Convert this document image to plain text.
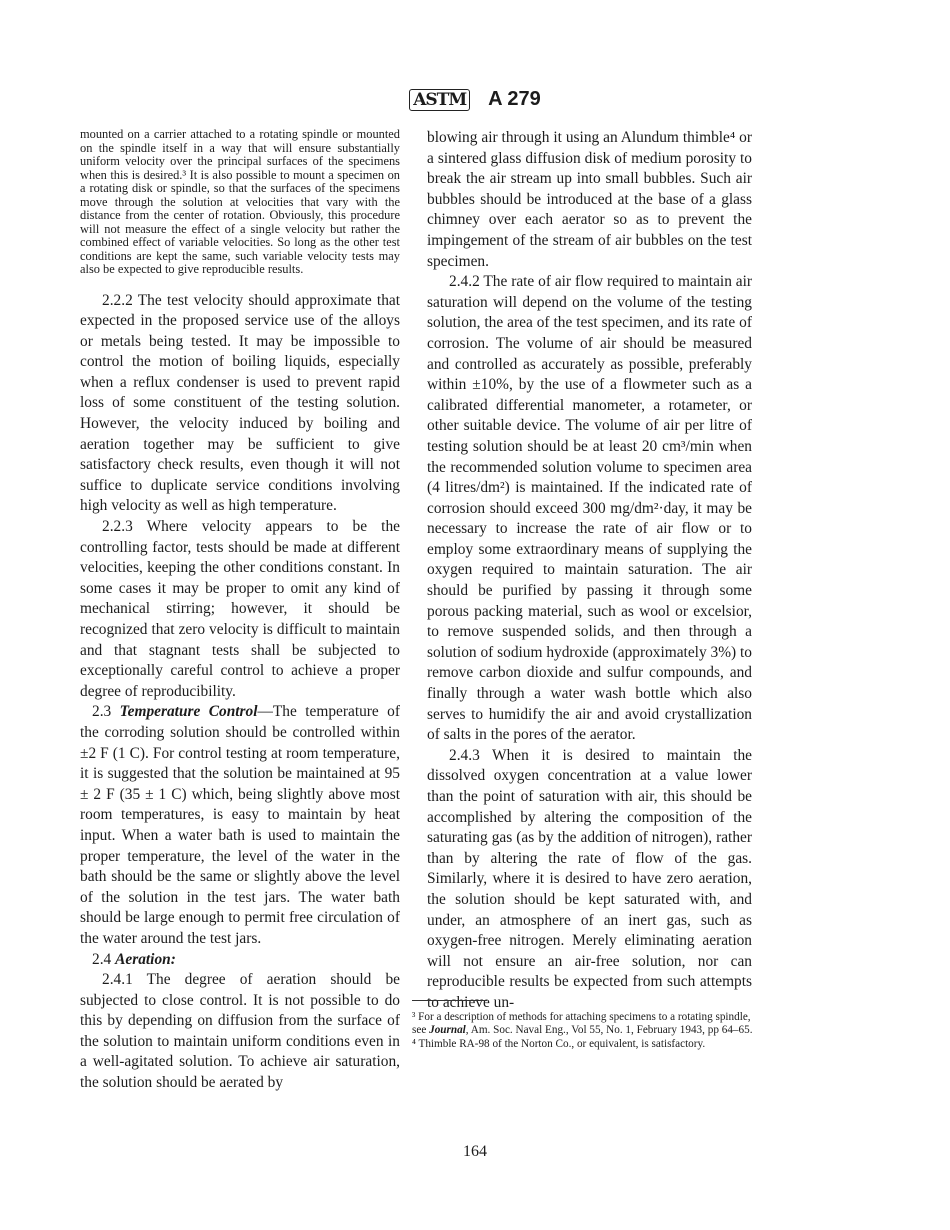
ASTM A 279

mounted on a carrier attached to a rotating spindle or mounted on the spindle itself in a way that will ensure substantially uniform velocity over the principal surfaces of the specimens when this is desired.³ It is also possible to mount a specimen on a rotating disk or spindle, so that the surfaces of the specimens move through the solution at velocities that vary with the distance from the center of rotation. Obviously, this procedure will not measure the effect of a single velocity but rather the combined effect of variable velocities. So long as the other test conditions are kept the same, such variable velocity tests may also be expected to give reproducible results.

2.2.2 The test velocity should approximate that expected in the proposed service use of the alloys or metals being tested. It may be impossible to control the motion of boiling liquids, especially when a reflux condenser is used to prevent rapid loss of some constituent of the testing solution. However, the velocity induced by boiling and aeration together may be sufficient to give satisfactory check results, even though it will not suffice to duplicate service conditions involving high velocity as well as high temperature.

2.2.3 Where velocity appears to be the controlling factor, tests should be made at different velocities, keeping the other conditions constant. In some cases it may be proper to omit any kind of mechanical stirring; however, it should be recognized that zero velocity is difficult to maintain and that stagnant tests shall be subjected to exceptionally careful control to achieve a proper degree of reproducibility.

2.3 Temperature Control—The temperature of the corroding solution should be controlled within ±2 F (1 C). For control testing at room temperature, it is suggested that the solution be maintained at 95 ± 2 F (35 ± 1 C) which, being slightly above most room temperatures, is easy to maintain by heat input. When a water bath is used to maintain the proper temperature, the level of the water in the bath should be the same or slightly above the level of the solution in the test jars. The water bath should be large enough to permit free circulation of the water around the test jars.

2.4 Aeration:

2.4.1 The degree of aeration should be subjected to close control. It is not possible to do this by depending on diffusion from the surface of the solution to maintain uniform conditions even in a well-agitated solution. To achieve air saturation, the solution should be aerated by

blowing air through it using an Alundum thimble⁴ or a sintered glass diffusion disk of medium porosity to break the air stream up into small bubbles. Such air bubbles should be introduced at the base of a glass chimney over each aerator so as to prevent the impingement of the stream of air bubbles on the test specimen.

2.4.2 The rate of air flow required to maintain air saturation will depend on the volume of the testing solution, the area of the test specimen, and its rate of corrosion. The volume of air should be measured and controlled as accurately as possible, preferably within ±10%, by the use of a flowmeter such as a calibrated differential manometer, a rotameter, or other suitable device. The volume of air per litre of testing solution should be at least 20 cm³/min when the recommended solution volume to specimen area (4 litres/dm²) is maintained. If the indicated rate of corrosion should exceed 300 mg/dm²·day, it may be necessary to increase the rate of air flow or to employ some extraordinary means of supplying the oxygen required to maintain saturation. The air should be purified by passing it through some porous packing material, such as wool or excelsior, to remove suspended solids, and then through a solution of sodium hydroxide (approximately 3%) to remove carbon dioxide and sulfur compounds, and finally through a water wash bottle which also serves to humidify the air and avoid crystallization of salts in the pores of the aerator.

2.4.3 When it is desired to maintain the dissolved oxygen concentration at a value lower than the point of saturation with air, this should be accomplished by altering the composition of the saturating gas (as by the addition of nitrogen), rather than by altering the rate of flow of the gas. Similarly, where it is desired to have zero aeration, the solution should be kept saturated with, and under, an atmosphere of an inert gas, such as oxygen-free nitrogen. Merely eliminating aeration will not ensure an air-free solution, nor can reproducible results be expected from such attempts to achieve un-

³ For a description of methods for attaching specimens to a rotating spindle, see Journal, Am. Soc. Naval Eng., Vol 55, No. 1, February 1943, pp 64–65.

⁴ Thimble RA-98 of the Norton Co., or equivalent, is satisfactory.

164
